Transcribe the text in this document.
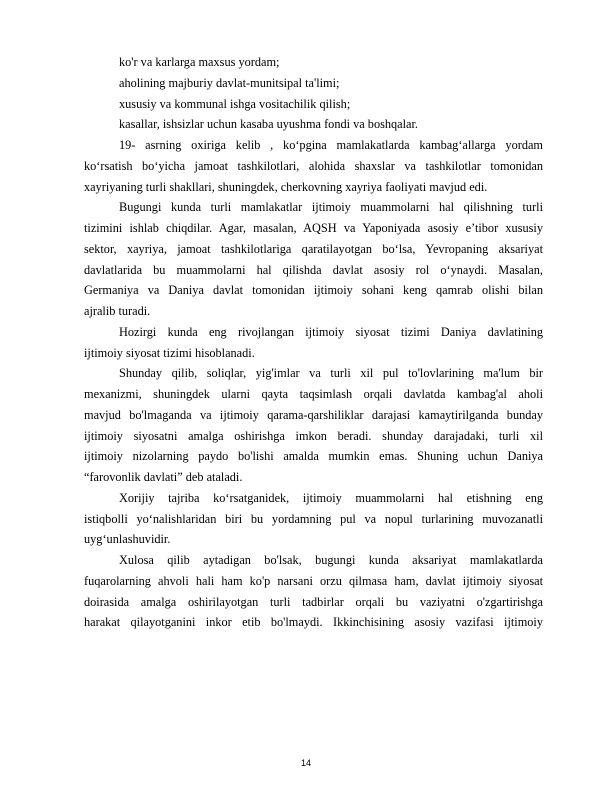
ko'r va karlarga maxsus yordam;
aholining majburiy davlat-munitsipal ta'limi;
xususiy va kommunal ishga vositachilik qilish;
kasallar, ishsizlar uchun kasaba uyushma fondi va boshqalar.
19- asrning oxiriga kelib , ko‘pgina mamlakatlarda kambag‘allarga yordam
ko‘rsatish bo‘yicha jamoat tashkilotlari, alohida shaxslar va tashkilotlar tomonidan
xayriyaning turli shakllari, shuningdek, cherkovning xayriya faoliyati mavjud edi.
Bugungi kunda turli mamlakatlar ijtimoiy muammolarni hal qilishning turli
tizimini ishlab chiqdilar. Agar, masalan, AQSH va Yaponiyada asosiy e’tibor xususiy
sektor, xayriya, jamoat tashkilotlariga qaratilayotgan bo‘lsa, Yevropaning aksariyat
davlatlarida bu muammolarni hal qilishda davlat asosiy rol o‘ynaydi. Masalan,
Germaniya va Daniya davlat tomonidan ijtimoiy sohani keng qamrab olishi bilan
ajralib turadi.
Hozirgi kunda eng rivojlangan ijtimoiy siyosat tizimi Daniya davlatining
ijtimoiy siyosat tizimi hisoblanadi.
Shunday qilib, soliqlar, yig'imlar va turli xil pul to'lovlarining ma'lum bir
mexanizmi, shuningdek ularni qayta taqsimlash orqali davlatda kambag'al aholi
mavjud bo'lmaganda va ijtimoiy qarama-qarshiliklar darajasi kamaytirilganda bunday
ijtimoiy siyosatni amalga oshirishga imkon beradi. shunday darajadaki, turli xil
ijtimoiy nizolarning paydo bo'lishi amalda mumkin emas. Shuning uchun Daniya
“farovonlik davlati” deb ataladi.
Xorijiy tajriba ko‘rsatganidek, ijtimoiy muammolarni hal etishning eng
istiqbolli yo‘nalishlaridan biri bu yordamning pul va nopul turlarining muvozanatli
uyg‘unlashuvidir.
Xulosa qilib aytadigan bo'lsak, bugungi kunda aksariyat mamlakatlarda
fuqarolarning ahvoli hali ham ko'p narsani orzu qilmasa ham, davlat ijtimoiy siyosat
doirasida amalga oshirilayotgan turli tadbirlar orqali bu vaziyatni o'zgartirishga
harakat qilayotganini inkor etib bo'lmaydi. Ikkinchisining asosiy vazifasi ijtimoiy
14
